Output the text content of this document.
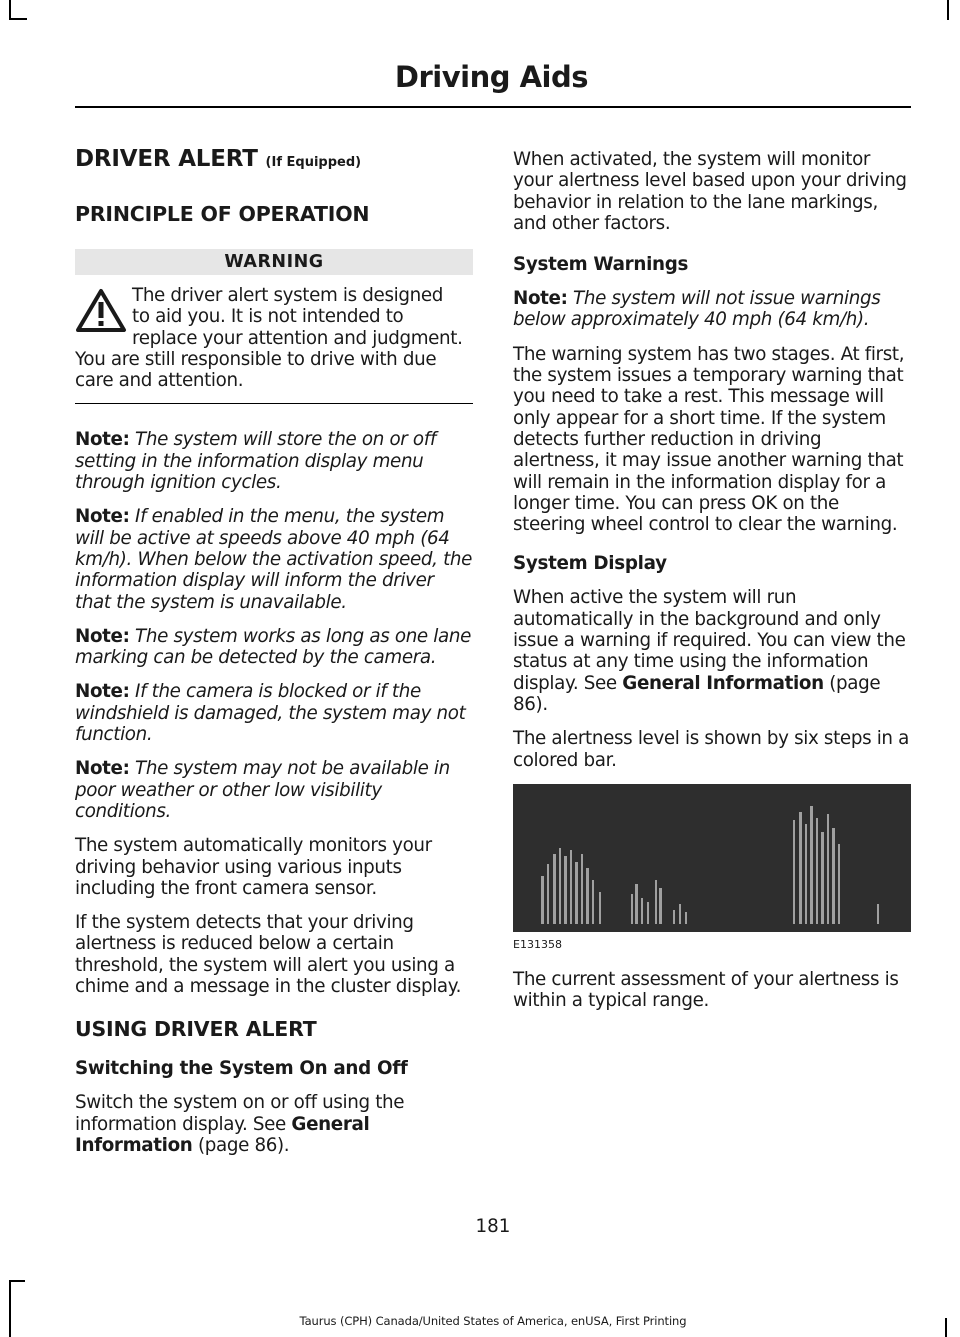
Driving Aids
DRIVER ALERT (If Equipped)
PRINCIPLE OF OPERATION
WARNING
The driver alert system is designed
to aid you. It is not intended to
replace your attention and judgment.
You are still responsible to drive with due care and attention.

Note: The system will store the on or off setting in the information display menu through ignition cycles.

Note: If enabled in the menu, the system will be active at speeds above 40 mph (64 km/h). When below the activation speed, the information display will inform the driver that the system is unavailable.

Note: The system works as long as one lane marking can be detected by the camera.

Note: If the camera is blocked or if the windshield is damaged, the system may not function.

Note: The system may not be available in poor weather or other low visibility conditions.

The system automatically monitors your driving behavior using various inputs including the front camera sensor.

If the system detects that your driving alertness is reduced below a certain threshold, the system will alert you using a chime and a message in the cluster display.

USING DRIVER ALERT
Switching the System On and Off

Switch the system on or off using the information display. See General Information (page 86).

When activated, the system will monitor your alertness level based upon your driving behavior in relation to the lane markings, and other factors.

System Warnings

Note: The system will not issue warnings below approximately 40 mph (64 km/h).

The warning system has two stages. At first, the system issues a temporary warning that you need to take a rest. This message will only appear for a short time. If the system detects further reduction in driving alertness, it may issue another warning that will remain in the information display for a longer time. You can press OK on the steering wheel control to clear the warning.

System Display

When active the system will run automatically in the background and only issue a warning if required. You can view the status at any time using the information display. See General Information (page 86).

The alertness level is shown by six steps in a colored bar.

E131358

The current assessment of your alertness is within a typical range.

181
Taurus (CPH) Canada/United States of America, enUSA, First Printing
